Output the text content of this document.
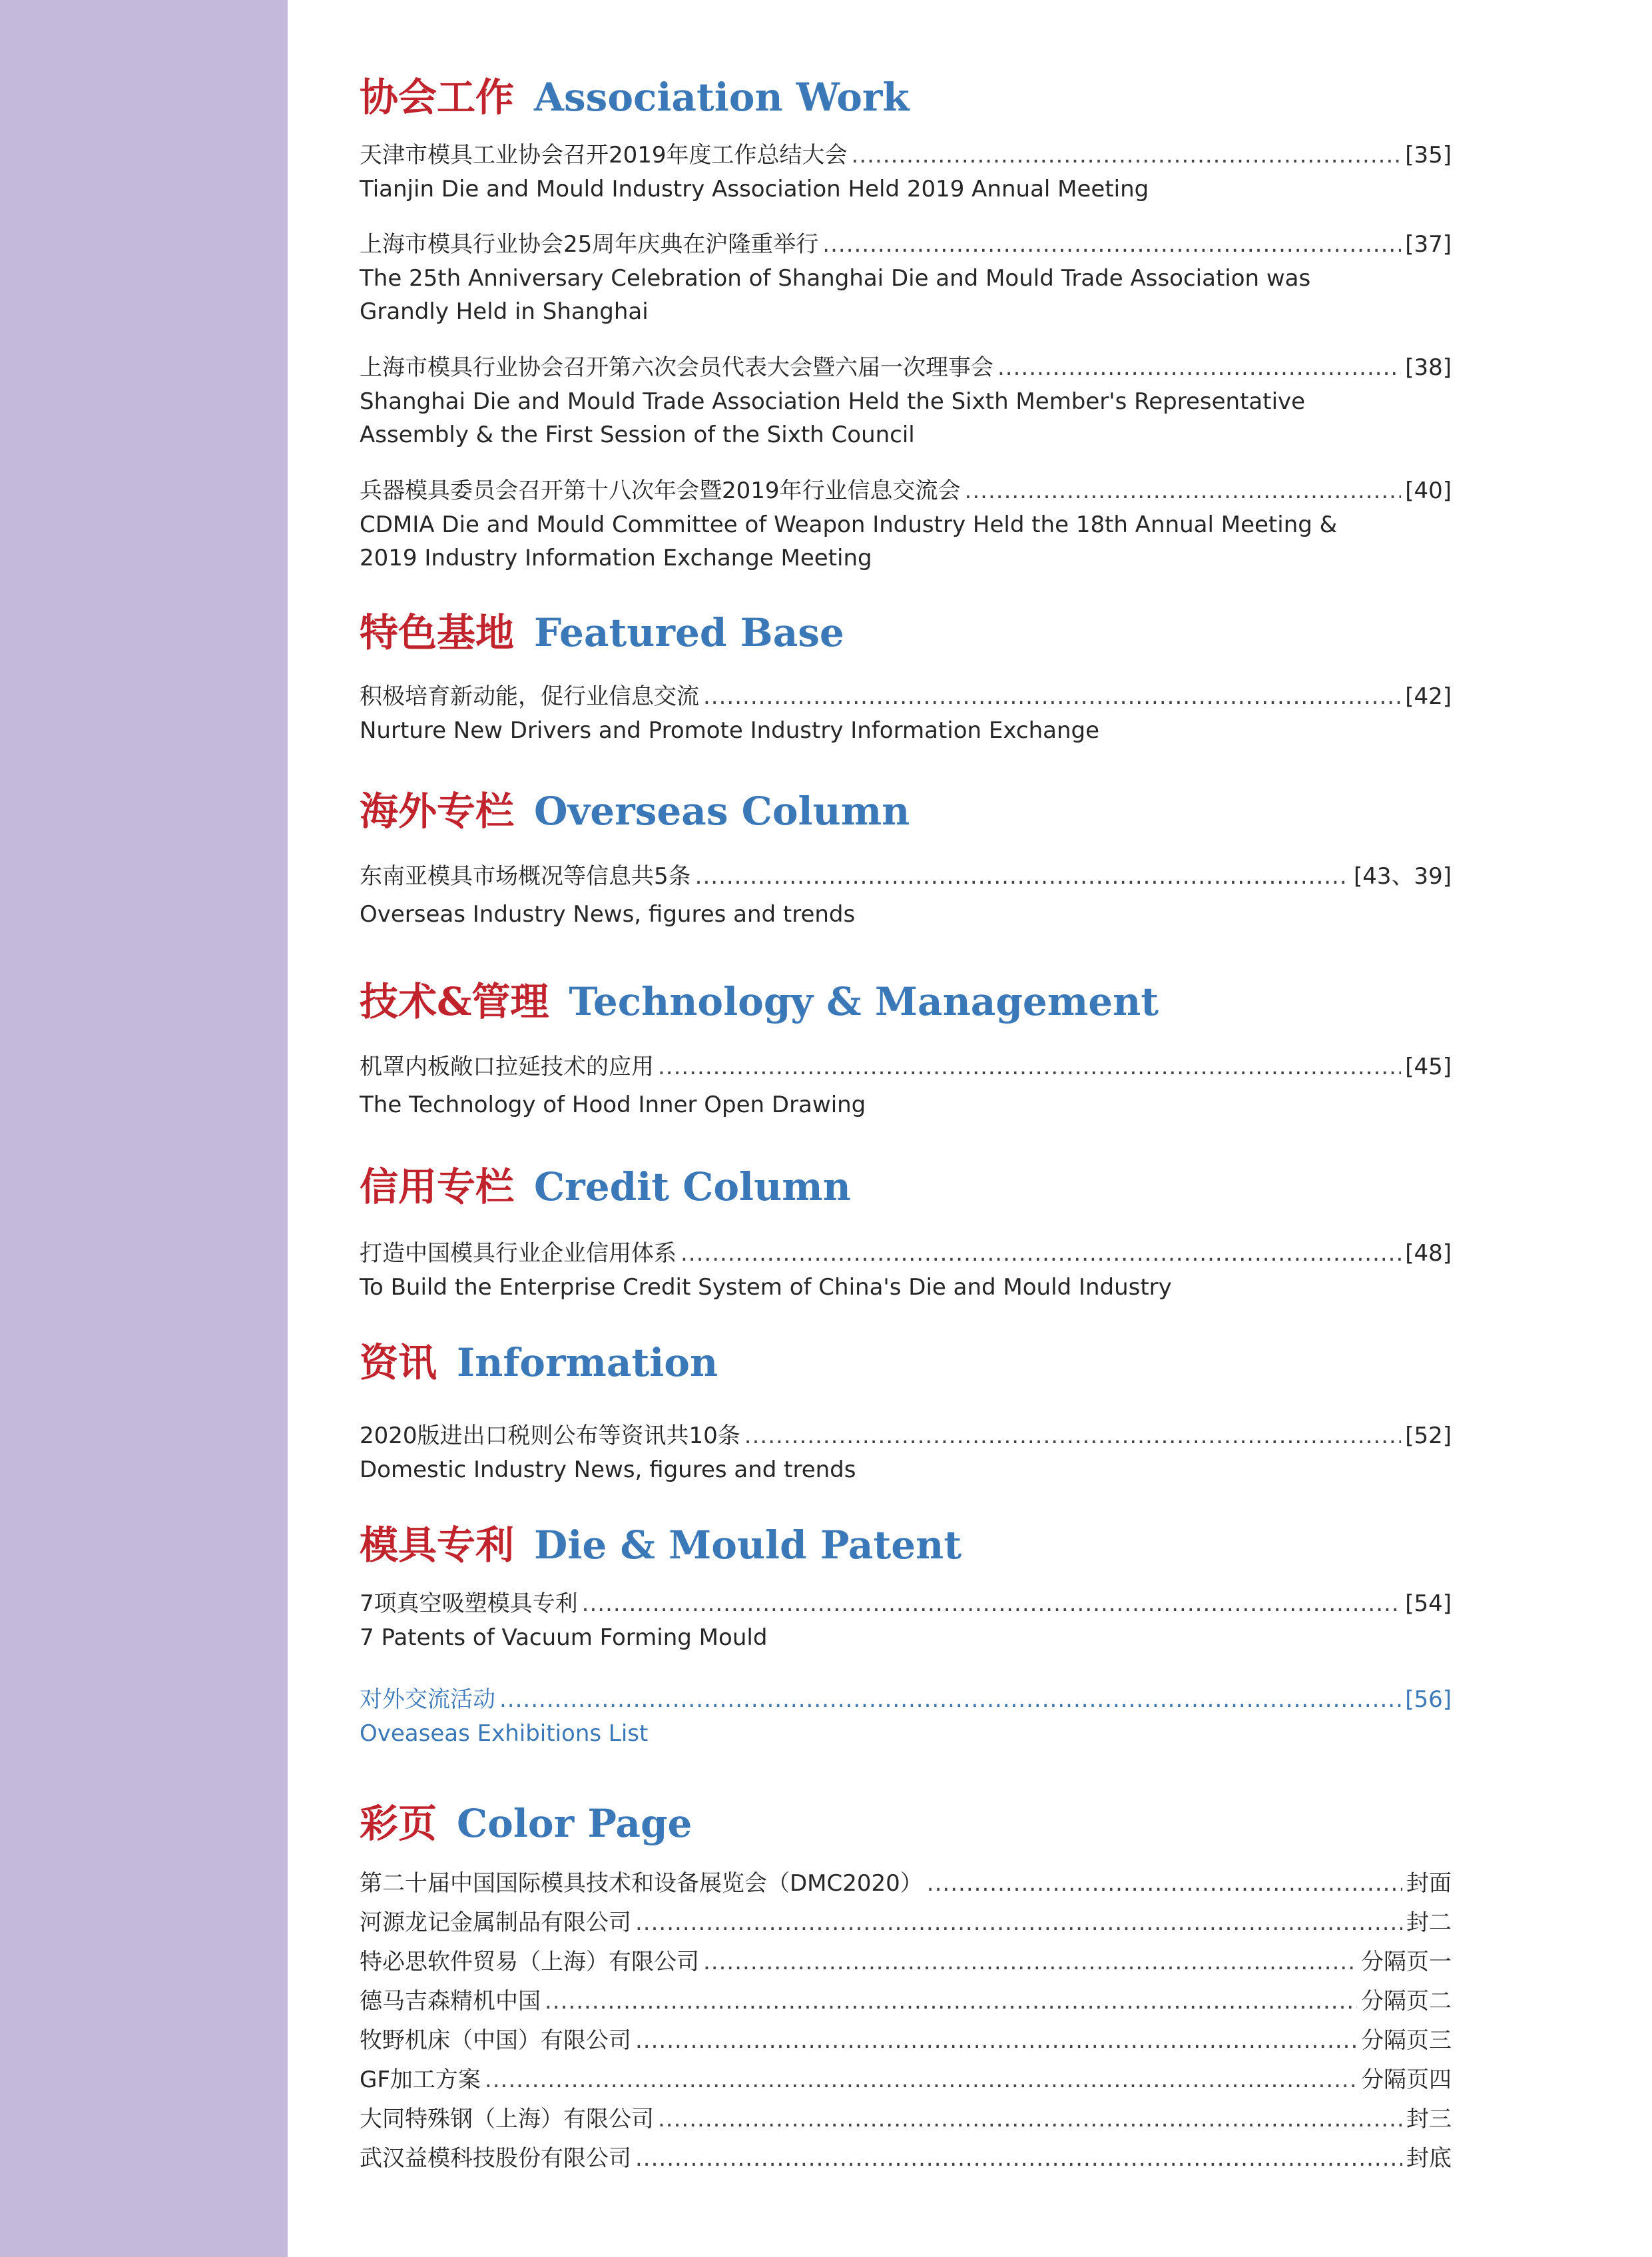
协会工作 Association Work
天津市模具工业协会召开2019年度工作总结大会 .....	[35]
Tianjin Die and Mould Industry Association Held 2019 Annual Meeting
上海市模具行业协会25周年庆典在沪隆重举行 .....	[37]
The 25th Anniversary Celebration of Shanghai Die and Mould Trade Association was Grandly Held in Shanghai
上海市模具行业协会召开第六次会员代表大会暨六届一次理事会 .....	[38]
Shanghai Die and Mould Trade Association Held the Sixth Member's Representative Assembly & the First Session of the Sixth Council
兵器模具委员会召开第十八次年会暨2019年行业信息交流会 .....	[40]
CDMIA Die and Mould Committee of Weapon Industry Held the 18th Annual Meeting & 2019 Industry Information Exchange Meeting
特色基地 Featured Base
积极培育新动能，促行业信息交流 .....	[42]
Nurture New Drivers and Promote Industry Information Exchange
海外专栏 Overseas Column
东南亚模具市场概况等信息共5条 .....	[43、39]
Overseas Industry News, figures and trends
技术&管理 Technology & Management
机罩内板敞口拉延技术的应用 .....	[45]
The Technology of Hood Inner Open Drawing
信用专栏 Credit Column
打造中国模具行业企业信用体系 .....	[48]
To Build the Enterprise Credit System of China's Die and Mould Industry
资讯 Information
2020版进出口税则公布等资讯共10条 .....	[52]
Domestic Industry News, figures and trends
模具专利 Die & Mould Patent
7项真空吸塑模具专利 .....	[54]
7 Patents of Vacuum Forming Mould
对外交流活动 .....	[56]
Oveaseas Exhibitions List
彩页 Color Page
第二十届中国国际模具技术和设备展览会（DMC2020） .....	封面
河源龙记金属制品有限公司 .....	封二
特必思软件贸易（上海）有限公司 .....	分隔页一
德马吉森精机中国 .....	分隔页二
牧野机床（中国）有限公司 .....	分隔页三
GF加工方案 .....	分隔页四
大同特殊钢（上海）有限公司 .....	封三
武汉益模科技股份有限公司 .....	封底
